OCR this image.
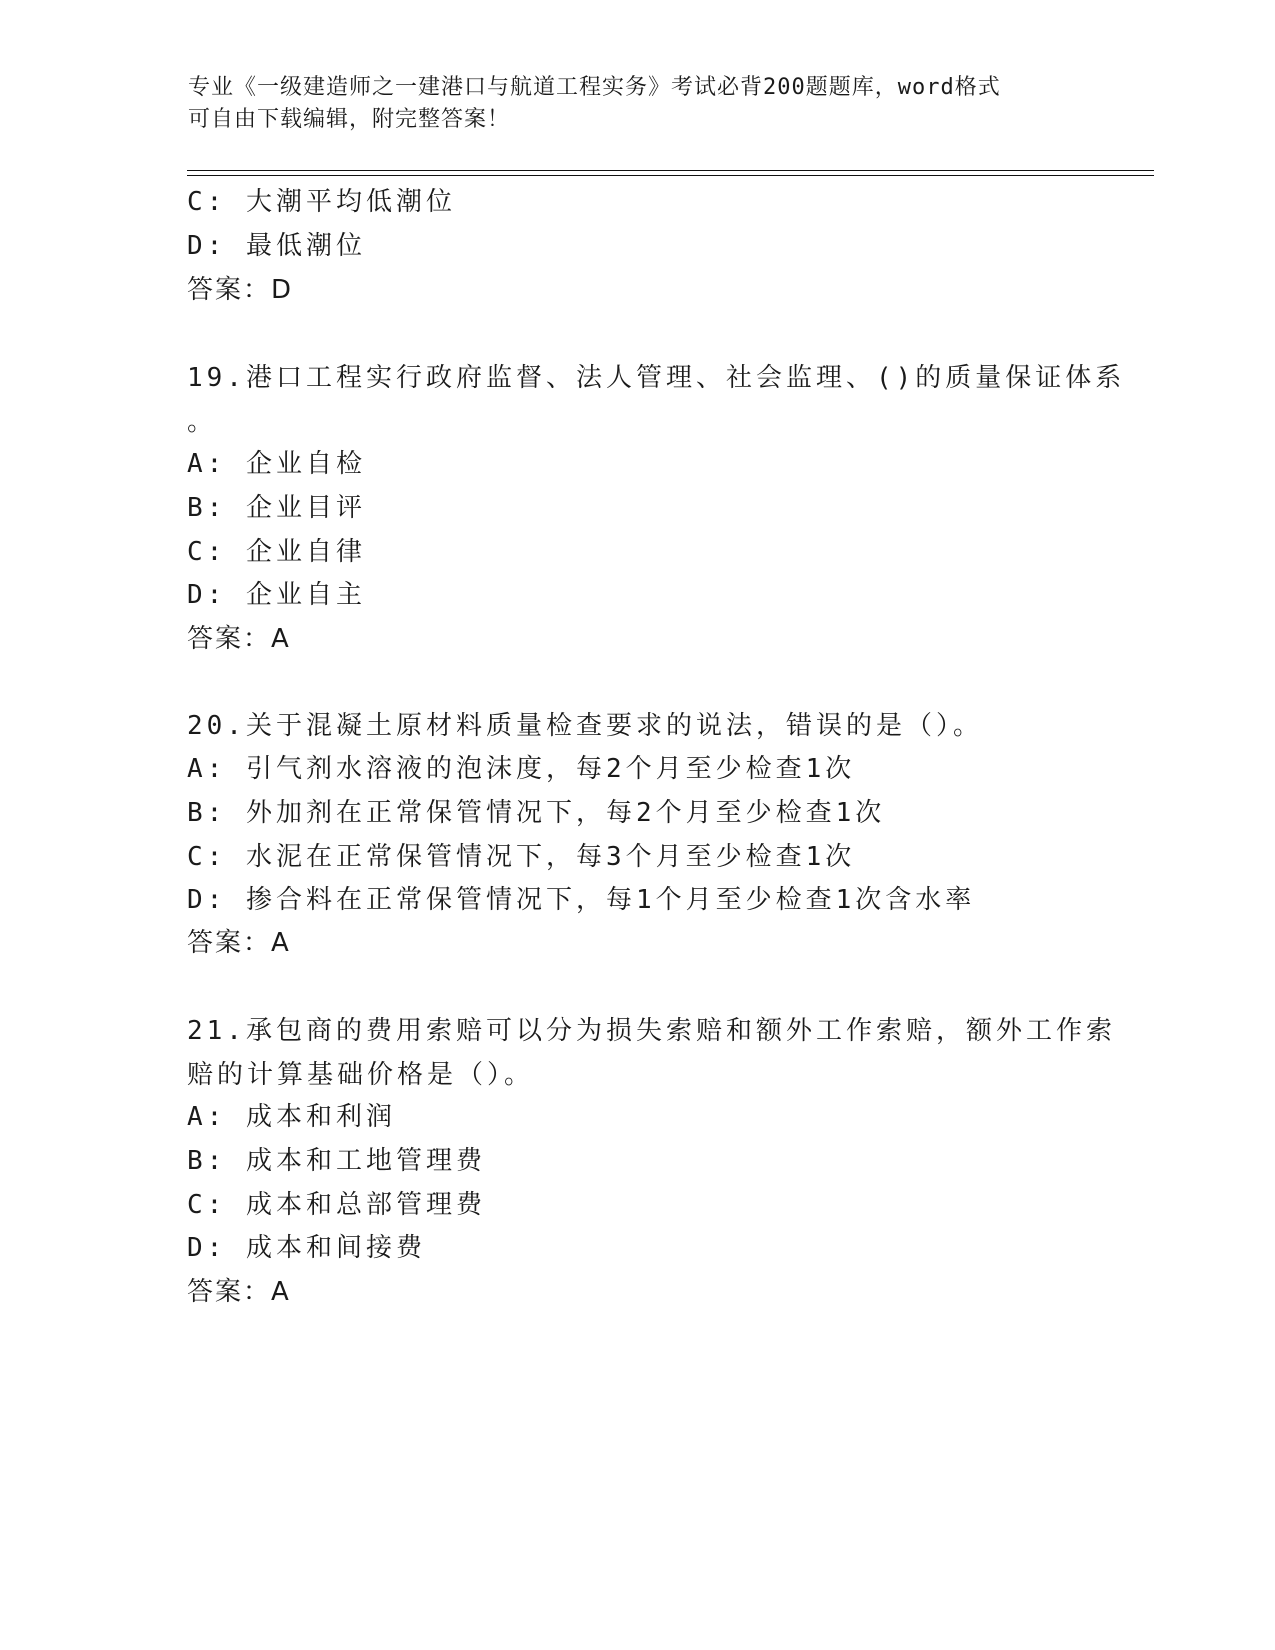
专业《一级建造师之一建港口与航道工程实务》考试必背200题题库，word格式
可自由下载编辑，附完整答案！
C: 大潮平均低潮位
D: 最低潮位
答案：D
19.港口工程实行政府监督、法人管理、社会监理、()的质量保证体系
。
A: 企业自检
B: 企业目评
C: 企业自律
D: 企业自主
答案：A
20.关于混凝土原材料质量检查要求的说法，错误的是（）。
A: 引气剂水溶液的泡沫度，每2个月至少检查1次
B: 外加剂在正常保管情况下，每2个月至少检查1次
C: 水泥在正常保管情况下，每3个月至少检查1次
D: 掺合料在正常保管情况下，每1个月至少检查1次含水率
答案：A
21.承包商的费用索赔可以分为损失索赔和额外工作索赔，额外工作索
赔的计算基础价格是（）。
A: 成本和利润
B: 成本和工地管理费
C: 成本和总部管理费
D: 成本和间接费
答案：A
